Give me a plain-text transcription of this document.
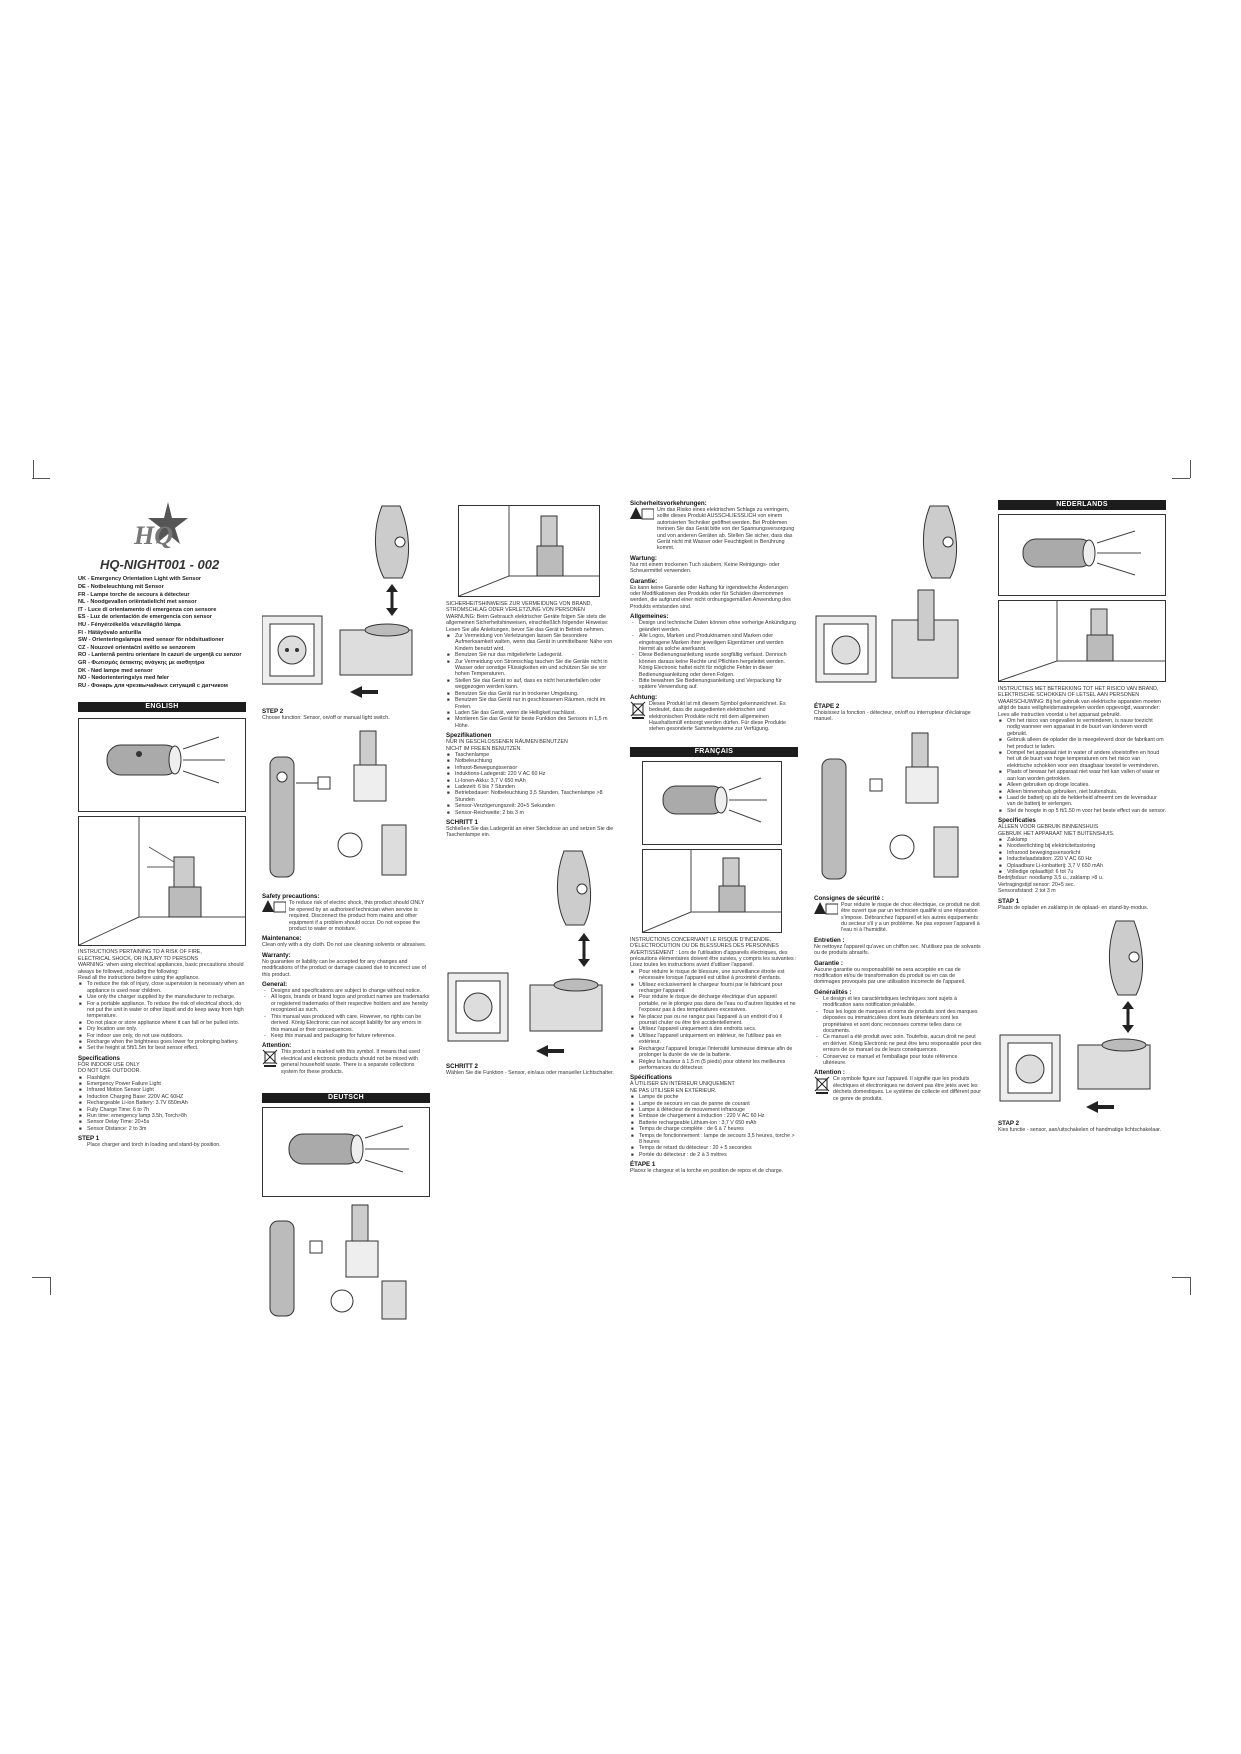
HQ
HQ-NIGHT001 - 002
UK - Emergency Orientation Light with Sensor
DE - Notbeleuchtung mit Sensor
FR - Lampe torche de secours à détecteur
NL - Noodgevallen oriëntatielicht met sensor
IT - Luce di orientamento di emergenza con sensore
ES - Luz de orientación de emergencia con sensor
HU - Fényérzékelős vészvilágító lámpa
FI - Hätäyövalo anturilla
SW - Orienteringslampa med sensor för nödsituationer
CZ - Nouzové orientační světlo se senzorem
RO - Lanternă pentru orientare în cazuri de urgenţă cu senzor
GR - Φωτισμός έκτακτης ανάγκης με αισθητήρα
DK - Nød lampe med sensor
NO - Nødorienteringslys med føler
RU - Фонарь для чрезвычайных ситуаций с датчиком
ENGLISH

INSTRUCTIONS PERTAINING TO A RISK OF FIRE,

ELECTRICAL SHOCK, OR INJURY TO PERSONS

WARNING: when using electrical appliances, basic precautions should always be followed, including the following:

Read all the instructions before using the appliance.

■ To reduce the risk of injury, close supervision is necessary when an appliance is used near children.
■ Use only the charger supplied by the manufacturer to recharge.
■ For a portable appliance. To reduce the risk of electrical shock, do not put the unit in water or other liquid and do keep away from high temperature.
■ Do not place or store appliance where it can fall or be pulled into.
■ Dry location use only.
■ For indoor use only, do not use outdoors.
■ Recharge when the brightness goes lower for prolonging battery.
■ Set the height at 5ft/1.5m for best sensor effect.
Specifications

FOR INDOOR USE ONLY

DO NOT USE OUTDOOR.

■ Flashlight
■ Emergency Power Failure Light
■ Infrared Motion Sensor Light
■ Induction Charging Base: 220V AC 60HZ
■ Rechargeable Li-ion Battery: 3.7V 650mAh
■ Fully Charge Time: 6 to 7h
■ Run time: emergency lamp 3.5h, Torch>8h
■ Sensor Delay Time: 20+5s
■ Sensor Distance: 2 to 3m
STEP 1

Place charger and torch in loading and stand-by position.

STEP 2

Choose function: Sensor, on/off or manual light switch.

Safety precautions:

To reduce risk of electric shock, this product should ONLY be opened by an authorised technician when service is required. Disconnect the product from mains and other equipment if a problem should occur. Do not expose the product to water or moisture.

Maintenance:

Clean only with a dry cloth. Do not use cleaning solvents or abrasives.

Warranty:

No guarantee or liability can be accepted for any changes and modifications of the product or damage caused due to incorrect use of this product.

General:
- Designs and specifications are subject to change without notice.
- All logos, brands or brand logos and product names are trademarks or registered trademarks of their respective holders and are hereby recognized as such.
- This manual was produced with care. However, no rights can be derived. König Electronic can not accept liability for any errors in this manual or their consequences.
- Keep this manual and packaging for future reference.
Attention:

This product is marked with this symbol. It means that used electrical and electronic products should not be mixed with general household waste. There is a separate collections system for these products.

DEUTSCH

SICHERHEITSHINWEISE ZUR VERMEIDUNG VON BRAND, STROMSCHLAG ODER VERLETZUNG VON PERSONEN WARNUNG: Beim Gebrauch elektrischer Geräte folgen Sie stets die allgemeinen Sicherheitshinweisen, einschließlich folgender Hinweise: Lesen Sie alle Anleitungen, bevor Sie das Gerät in Betrieb nehmen.

■ Zur Vermeidung von Verletzungen lassen Sie besondere Aufmerksamkeit walten, wenn das Gerät in unmittelbarer Nähe von Kindern benutzt wird.
■ Benutzen Sie nur das mitgelieferte Ladegerät.
■ Zur Vermeidung von Stromschlag tauchen Sie die Geräte nicht in Wasser oder sonstige Flüssigkeiten ein und schützen Sie sie vor hohen Temperaturen.
■ Stellen Sie das Gerät so auf, dass es nicht herunterfallen oder weggezogen werden kann.
■ Benutzen Sie das Gerät nur in trockener Umgebung.
■ Benutzen Sie das Gerät nur in geschlossenen Räumen, nicht im Freien.
■ Laden Sie das Gerät, wenn die Helligkeit nachlässt.
■ Montieren Sie das Gerät für beste Funktion des Sensors in 1,5 m Höhe.
Spezifikationen

NUR IN GESCHLOSSENEN RÄUMEN BENUTZEN

NICHT IM FREIEN BENUTZEN.

■ Taschenlampe
■ Notbeleuchtung
■ Infrarot-Bewegungssensor
■ Induktions-Ladegerät: 220 V AC 60 Hz
■ Li-Ionen-Akku: 3,7 V 650 mAh
■ Ladezeit: 6 bis 7 Stunden
■ Betriebsdauer: Notbeleuchtung 3,5 Stunden, Taschenlampe >8 Stunden
■ Sensor-Verzögerungszeit: 20+5 Sekunden
■ Sensor-Reichweite: 2 bis 3 m
SCHRITT 1

Schließen Sie das Ladegerät an einer Steckdose an und setzen Sie die Taschenlampe ein.

SCHRITT 2

Wählen Sie die Funktion - Sensor, ein/aus oder manueller Lichtschalter.

Sicherheitsvorkehrungen:

Um das Risiko eines elektrischen Schlags zu verringern, sollte dieses Produkt AUSSCHLIESSLICH von einem autorisierten Techniker geöffnet werden. Bei Problemen trennen Sie das Gerät bitte von der Spannungsversorgung und von anderen Geräten ab. Stellen Sie sicher, dass das Gerät nicht mit Wasser oder Feuchtigkeit in Berührung kommt.

Wartung:

Nur mit einem trockenen Tuch säubern. Keine Reinigungs- oder Scheuermittel verwenden.

Garantie:

Es kann keine Garantie oder Haftung für irgendwelche Änderungen oder Modifikationen des Produkts oder für Schäden übernommen werden, die aufgrund einer nicht ordnungsgemäßen Anwendung des Produkts entstanden sind.

Allgemeines:
- Design und technische Daten können ohne vorherige Ankündigung geändert werden.
- Alle Logos, Marken und Produktnamen sind Marken oder eingetragene Marken ihrer jeweiligen Eigentümer und werden hiermit als solche anerkannt.
- Diese Bedienungsanleitung wurde sorgfältig verfasst. Dennoch können daraus keine Rechte und Pflichten hergeleitet werden. König Electronic haftet nicht für mögliche Fehler in dieser Bedienungsanleitung oder deren Folgen.
- Bitte bewahren Sie Bedienungsanleitung und Verpackung für spätere Verwendung auf.
Achtung:

Dieses Produkt ist mit diesem Symbol gekennzeichnet. Es bedeutet, dass die ausgedienten elektrischen und elektronischen Produkte nicht mit dem allgemeinen Haushaltsmüll entsorgt werden dürfen. Für diese Produkte stehen gesonderte Sammelsysteme zur Verfügung.

FRANÇAIS

INSTRUCTIONS CONCERNANT LE RISQUE D'INCENDIE, D'ÉLECTROCUTION OU DE BLESSURES DES PERSONNES AVERTISSEMENT : Lors de l'utilisation d'appareils électriques, des précautions élémentaires doivent être suivies, y compris les suivantes : Lisez toutes les instructions avant d'utiliser l'appareil.

■ Pour réduire le risque de blessure, une surveillance étroite est nécessaire lorsque l'appareil est utilisé à proximité d'enfants.
■ Utilisez exclusivement le chargeur fourni par le fabricant pour recharger l'appareil.
■ Pour réduire le risque de décharge électrique d'un appareil portable, ne le plongez pas dans de l'eau ou d'autres liquides et ne l'exposez pas à des températures excessives.
■ Ne placez pas ou ne rangez pas l'appareil à un endroit d'où il pourrait chuter ou être tiré accidentellement.
■ Utilisez l'appareil uniquement à des endroits secs.
■ Utilisez l'appareil uniquement en intérieur, ne l'utilisez pas en extérieur.
■ Rechargez l'appareil lorsque l'intensité lumineuse diminue afin de prolonger la durée de vie de la batterie.
■ Réglez la hauteur à 1,5 m (5 pieds) pour obtenir les meilleures performances du détecteur.
Spécifications

À UTILISER EN INTÉRIEUR UNIQUEMENT

NE PAS UTILISER EN EXTÉRIEUR.

■ Lampe de poche
■ Lampe de secours en cas de panne de courant
■ Lampe à détecteur de mouvement infrarouge
■ Embase de chargement à induction : 220 V AC 60 Hz
■ Batterie rechargeable Lithium-ion : 3,7 V 650 mAh
■ Temps de charge complète : de 6 à 7 heures
■ Temps de fonctionnement : lampe de secours 3,5 heures, torche > 8 heures
■ Temps de retard du détecteur : 20 + 5 secondes
■ Portée du détecteur : de 2 à 3 mètres
ÉTAPE 1

Placez le chargeur et la torche en position de repos et de charge.

ÉTAPE 2

Choisissez la fonction - détecteur, on/off ou interrupteur d'éclairage manuel.

Consignes de sécurité :

Pour réduire le risque de choc électrique, ce produit ne doit être ouvert que par un technicien qualifié si une réparation s'impose. Débranchez l'appareil et les autres équipements du secteur s'il y a un problème. Ne pas exposer l'appareil à l'eau ni à l'humidité.

Entretien :

Ne nettoyez l'appareil qu'avec un chiffon sec. N'utilisez pas de solvants ou de produits abrasifs.

Garantie :

Aucune garantie ou responsabilité ne sera acceptée en cas de modification et/ou de transformation du produit ou en cas de dommages provoqués par une utilisation incorrecte de l'appareil.

Généralités :
- Le design et les caractéristiques techniques sont sujets à modification sans notification préalable.
- Tous les logos de marques et noms de produits sont des marques déposées ou immatriculées dont leurs détenteurs sont les propriétaires et sont donc reconnues comme telles dans ce documents.
- Ce manuel a été produit avec soin. Toutefois, aucun droit ne peut en dériver. König Electronic ne peut être tenu responsable pour des erreurs de ce manuel ou de leurs conséquences.
- Conservez ce manuel et l'emballage pour toute référence ultérieure.
Attention :

Ce symbole figure sur l'appareil. Il signifie que les produits électriques et électroniques ne doivent pas être jetés avec les déchets domestiques. Le système de collecte est différent pour ce genre de produits.

NEDERLANDS

INSTRUCTIES MET BETREKKING TOT HET RISICO VAN BRAND, ELEKTRISCHE SCHOKKEN OF LETSEL AAN PERSONEN WAARSCHUWING: Bij het gebruik van elektrische apparaten moeten altijd de basis veiligheidsmaatregelen worden opgevolgd, waaronder: Lees alle instructies voordat u het apparaat gebruikt.

■ Om het risico van ongevallen te verminderen, is nauw toezicht nodig wanneer een apparaat in de buurt van kinderen wordt gebruikt.
■ Gebruik alleen de oplader die is meegeleverd door de fabrikant om het product te laden.
■ Dompel het apparaat niet in water of andere vloeistoffen en houd het uit de buurt van hoge temperaturen om het risico van elektrische schokken voor een draagbaar toestel te verminderen.
■ Plaats of bewaar het apparaat niet waar het kan vallen of waar er aan kan worden getrokken.
■ Alleen gebruiken op droge locaties.
■ Alleen binnenshuis gebruiken, niet buitenshuis.
■ Laad de batterij op als de helderheid afneemt om de levensduur van de batterij te verlengen.
■ Stel de hoogte in op 5 ft/1.50 m voor het beste effect van de sensor.
Specificaties

ALLEEN VOOR GEBRUIK BINNENSHUIS

GEBRUIK HET APPARAAT NIET BUITENSHUIS.

■ Zaklamp
■ Noodverlichting bij elektriciteitsstoring
■ Infrarood bewegingssensorlicht
■ Inductielaadstation: 220 V AC 60 Hz
■ Oplaadbare Li-ionbatterij: 3,7 V 650 mAh
■ Volledige oplaadtijd: 6 tot 7u

Bedrijfsduur: noodlamp 3,5 u., zaklamp >8 u.

Vertragingstijd sensor: 20+5 sec.

Sensorafstand: 2 tot 3 m

STAP 1

Plaats de oplader en zaklamp in de oplaad- en stand-by-modus.

STAP 2

Kies functie - sensor, aan/uitschakelen of handmatige lichtschakelaar.
